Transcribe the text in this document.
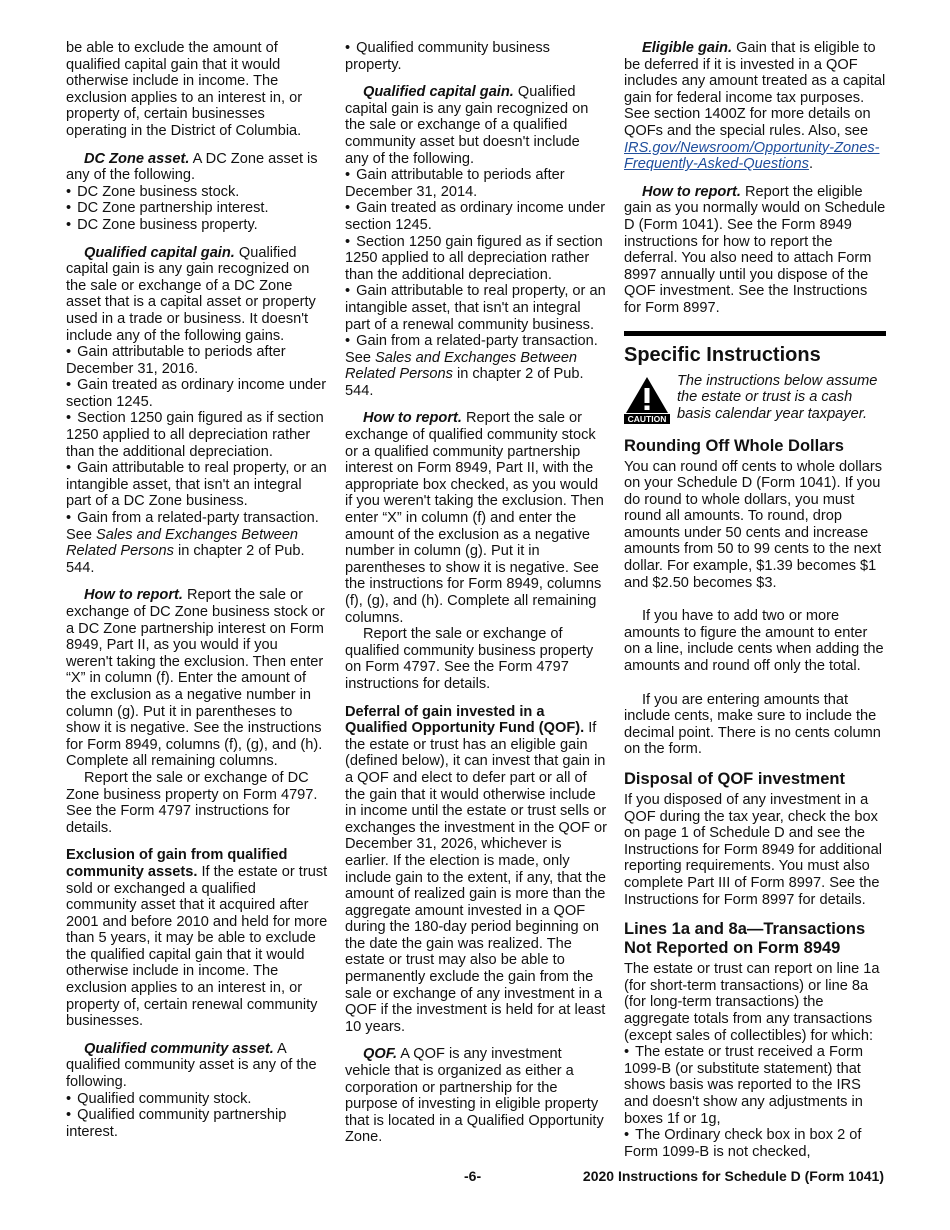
be able to exclude the amount of qualified capital gain that it would otherwise include in income. The exclusion applies to an interest in, or property of, certain businesses operating in the District of Columbia.

DC Zone asset. A DC Zone asset is any of the following.

• DC Zone business stock.
• DC Zone partnership interest.
• DC Zone business property.

Qualified capital gain. Qualified capital gain is any gain recognized on the sale or exchange of a DC Zone asset that is a capital asset or property used in a trade or business. It doesn't include any of the following gains.

• Gain attributable to periods after December 31, 2016.
• Gain treated as ordinary income under section 1245.
• Section 1250 gain figured as if section 1250 applied to all depreciation rather than the additional depreciation.
• Gain attributable to real property, or an intangible asset, that isn't an integral part of a DC Zone business.
• Gain from a related-party transaction. See Sales and Exchanges Between Related Persons in chapter 2 of Pub. 544.

How to report. Report the sale or exchange of DC Zone business stock or a DC Zone partnership interest on Form 8949, Part II, as you would if you weren't taking the exclusion. Then enter “X” in column (f). Enter the amount of the exclusion as a negative number in column (g). Put it in parentheses to show it is negative. See the instructions for Form 8949, columns (f), (g), and (h). Complete all remaining columns.

Report the sale or exchange of DC Zone business property on Form 4797. See the Form 4797 instructions for details.

Exclusion of gain from qualified community assets. If the estate or trust sold or exchanged a qualified community asset that it acquired after 2001 and before 2010 and held for more than 5 years, it may be able to exclude the qualified capital gain that it would otherwise include in income. The exclusion applies to an interest in, or property of, certain renewal community businesses.

Qualified community asset. A qualified community asset is any of the following.

• Qualified community stock.
• Qualified community partnership interest.
• Qualified community business property.

Qualified capital gain. Qualified capital gain is any gain recognized on the sale or exchange of a qualified community asset but doesn't include any of the following.

• Gain attributable to periods after December 31, 2014.
• Gain treated as ordinary income under section 1245.
• Section 1250 gain figured as if section 1250 applied to all depreciation rather than the additional depreciation.
• Gain attributable to real property, or an intangible asset, that isn't an integral part of a renewal community business.
• Gain from a related-party transaction. See Sales and Exchanges Between Related Persons in chapter 2 of Pub. 544.

How to report. Report the sale or exchange of qualified community stock or a qualified community partnership interest on Form 8949, Part II, with the appropriate box checked, as you would if you weren't taking the exclusion. Then enter “X” in column (f) and enter the amount of the exclusion as a negative number in column (g). Put it in parentheses to show it is negative. See the instructions for Form 8949, columns (f), (g), and (h). Complete all remaining columns.

Report the sale or exchange of qualified community business property on Form 4797. See the Form 4797 instructions for details.

Deferral of gain invested in a Qualified Opportunity Fund (QOF). If the estate or trust has an eligible gain (defined below), it can invest that gain in a QOF and elect to defer part or all of the gain that it would otherwise include in income until the estate or trust sells or exchanges the investment in the QOF or December 31, 2026, whichever is earlier. If the election is made, only include gain to the extent, if any, that the amount of realized gain is more than the aggregate amount invested in a QOF during the 180-day period beginning on the date the gain was realized. The estate or trust may also be able to permanently exclude the gain from the sale or exchange of any investment in a QOF if the investment is held for at least 10 years.

QOF. A QOF is any investment vehicle that is organized as either a corporation or partnership for the purpose of investing in eligible property that is located in a Qualified Opportunity Zone.

Eligible gain. Gain that is eligible to be deferred if it is invested in a QOF includes any amount treated as a capital gain for federal income tax purposes. See section 1400Z for more details on QOFs and the special rules. Also, see IRS.gov/Newsroom/Opportunity-Zones-Frequently-Asked-Questions.

How to report. Report the eligible gain as you normally would on Schedule D (Form 1041). See the Form 8949 instructions for how to report the deferral. You also need to attach Form 8997 annually until you dispose of the QOF investment. See the Instructions for Form 8997.

Specific Instructions
CAUTION

The instructions below assume the estate or trust is a cash basis calendar year taxpayer.

Rounding Off Whole Dollars

You can round off cents to whole dollars on your Schedule D (Form 1041). If you do round to whole dollars, you must round all amounts. To round, drop amounts under 50 cents and increase amounts from 50 to 99 cents to the next dollar. For example, $1.39 becomes $1 and $2.50 becomes $3.

If you have to add two or more amounts to figure the amount to enter on a line, include cents when adding the amounts and round off only the total.

If you are entering amounts that include cents, make sure to include the decimal point. There is no cents column on the form.

Disposal of QOF investment

If you disposed of any investment in a QOF during the tax year, check the box on page 1 of Schedule D and see the Instructions for Form 8949 for additional reporting requirements. You must also complete Part III of Form 8997. See the Instructions for Form 8997 for details.

Lines 1a and 8a—Transactions Not Reported on Form 8949

The estate or trust can report on line 1a (for short-term transactions) or line 8a (for long-term transactions) the aggregate totals from any transactions (except sales of collectibles) for which:

• The estate or trust received a Form 1099-B (or substitute statement) that shows basis was reported to the IRS and doesn't show any adjustments in boxes 1f or 1g,
• The Ordinary check box in box 2 of Form 1099-B is not checked,
-6-	2020 Instructions for Schedule D (Form 1041)
